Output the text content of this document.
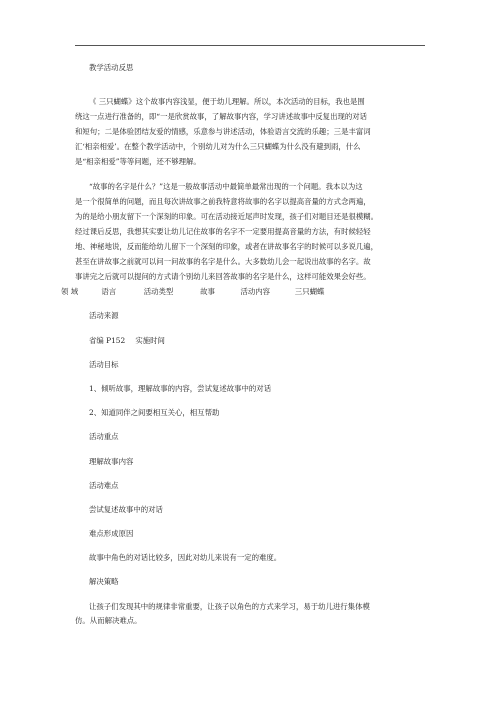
教学活动反思
《 三只蝴蝶》这个故事内容浅显，便于幼儿理解。所以，本次活动的目标，我也是围
绕这一点进行准备的，即“一是欣赏故事，了解故事内容，学习讲述故事中反复出现的对话
和短句；二是体验团结友爱的情感，乐意参与讲述活动，体验语言交流的乐趣；三是丰富词
汇‘相亲相爱’。在整个教学活动中，个别幼儿对为什么三只蝴蝶为什么没有避到雨，什么
是“相亲相爱”等等问题，还不够理解。
“故事的名字是什么？”这是一般故事活动中最简单最常出现的一个问题。我本以为这
是一个很简单的问题，而且每次讲故事之前我特意将故事的名字以提高音量的方式念两遍，
为的是给小朋友留下一个深刻的印象。可在活动接近尾声时发现，孩子们对题目还是很模糊。
经过课后反思，我想其实要让幼儿记住故事的名字不一定要用提高音量的方法，有时候轻轻
地、神秘地说，反而能给幼儿留下一个深刻的印象，或者在讲故事名字的时候可以多说几遍，
甚至在讲故事之前就可以问一问故事的名字是什么。大多数幼儿会一起说出故事的名字。故
事讲完之后就可以提问的方式请个别幼儿来回答故事的名字是什么，这样可能效果会好些。
领 域	语言	活动类型	故事	活动内容	三只蝴蝶
活动来源
省编 P152 实施时间
活动目标
1、倾听故事，理解故事的内容，尝试复述故事中的对话
2、知道同伴之间要相互关心，相互帮助
活动重点
理解故事内容
活动难点
尝试复述故事中的对话
难点形成原因
故事中角色的对话比较多，因此对幼儿来说有一定的难度。
解决策略
让孩子们发现其中的规律非常重要，让孩子以角色的方式来学习，易于幼儿进行集体模
仿。从而解决难点。
